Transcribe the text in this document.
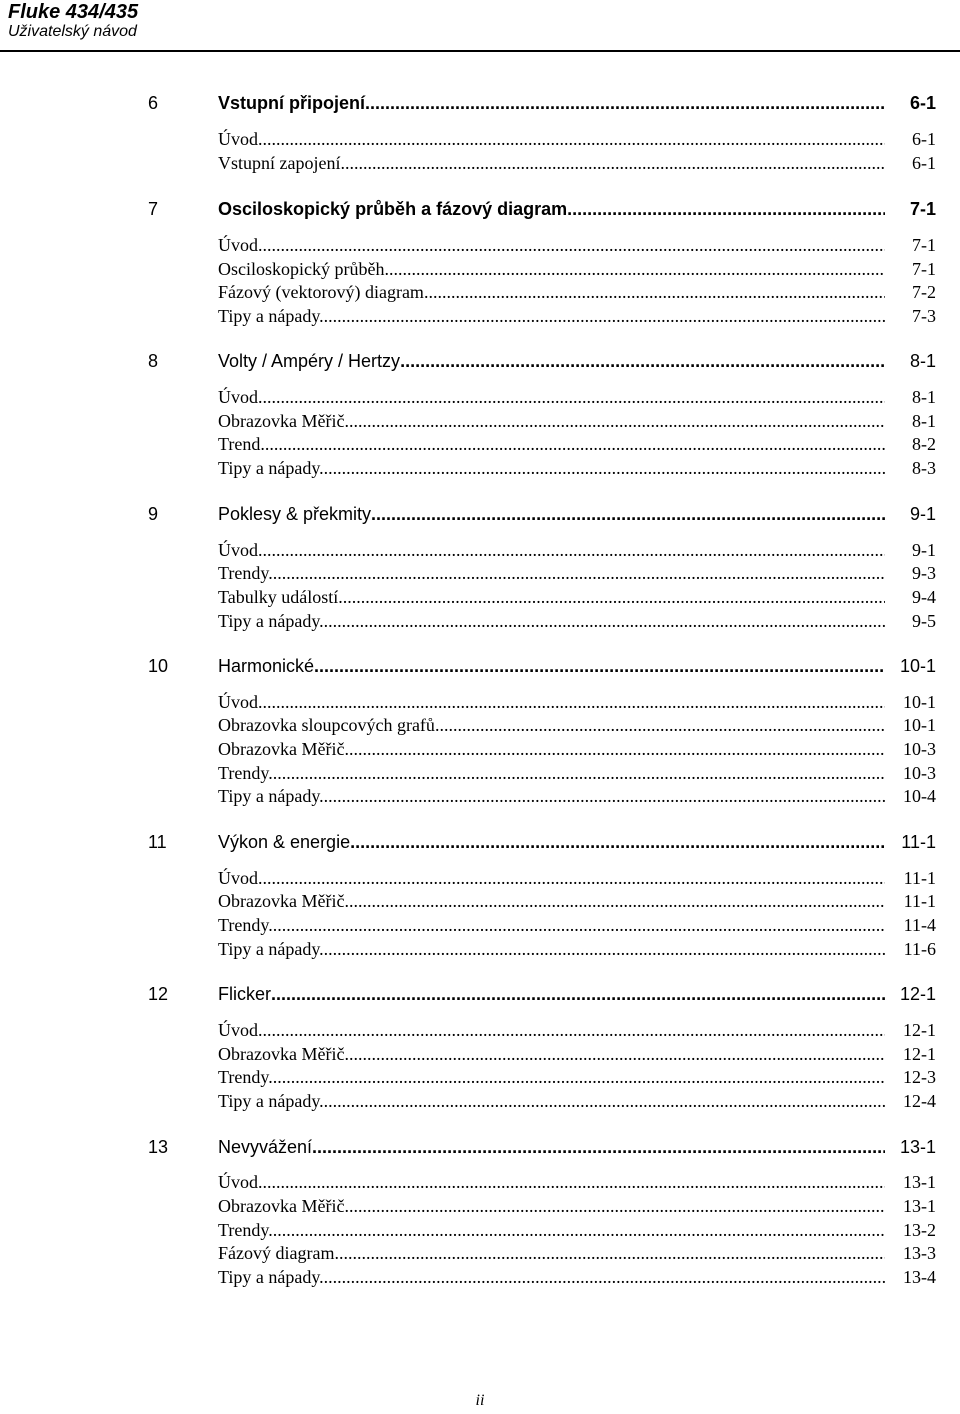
Fluke 434/435
Uživatelský návod
6	Vstupní připojení .....	6-1
Úvod .....	6-1
Vstupní zapojení .....	6-1
7	Osciloskopický průběh a fázový diagram .....	7-1
Úvod .....	7-1
Osciloskopický průběh .....	7-1
Fázový (vektorový) diagram .....	7-2
Tipy a nápady .....	7-3
8	Volty / Ampéry / Hertzy .....	8-1
Úvod .....	8-1
Obrazovka Měřič .....	8-1
Trend .....	8-2
Tipy a nápady .....	8-3
9	Poklesy & překmity .....	9-1
Úvod .....	9-1
Trendy .....	9-3
Tabulky událostí .....	9-4
Tipy a nápady .....	9-5
10	Harmonické .....	10-1
Úvod .....	10-1
Obrazovka sloupcových grafů .....	10-1
Obrazovka Měřič .....	10-3
Trendy .....	10-3
Tipy a nápady .....	10-4
11	Výkon & energie .....	11-1
Úvod .....	11-1
Obrazovka Měřič .....	11-1
Trendy .....	11-4
Tipy a nápady .....	11-6
12	Flicker .....	12-1
Úvod .....	12-1
Obrazovka Měřič .....	12-1
Trendy .....	12-3
Tipy a nápady .....	12-4
13	Nevyvážení .....	13-1
Úvod .....	13-1
Obrazovka Měřič .....	13-1
Trendy .....	13-2
Fázový diagram .....	13-3
Tipy a nápady .....	13-4
ii
